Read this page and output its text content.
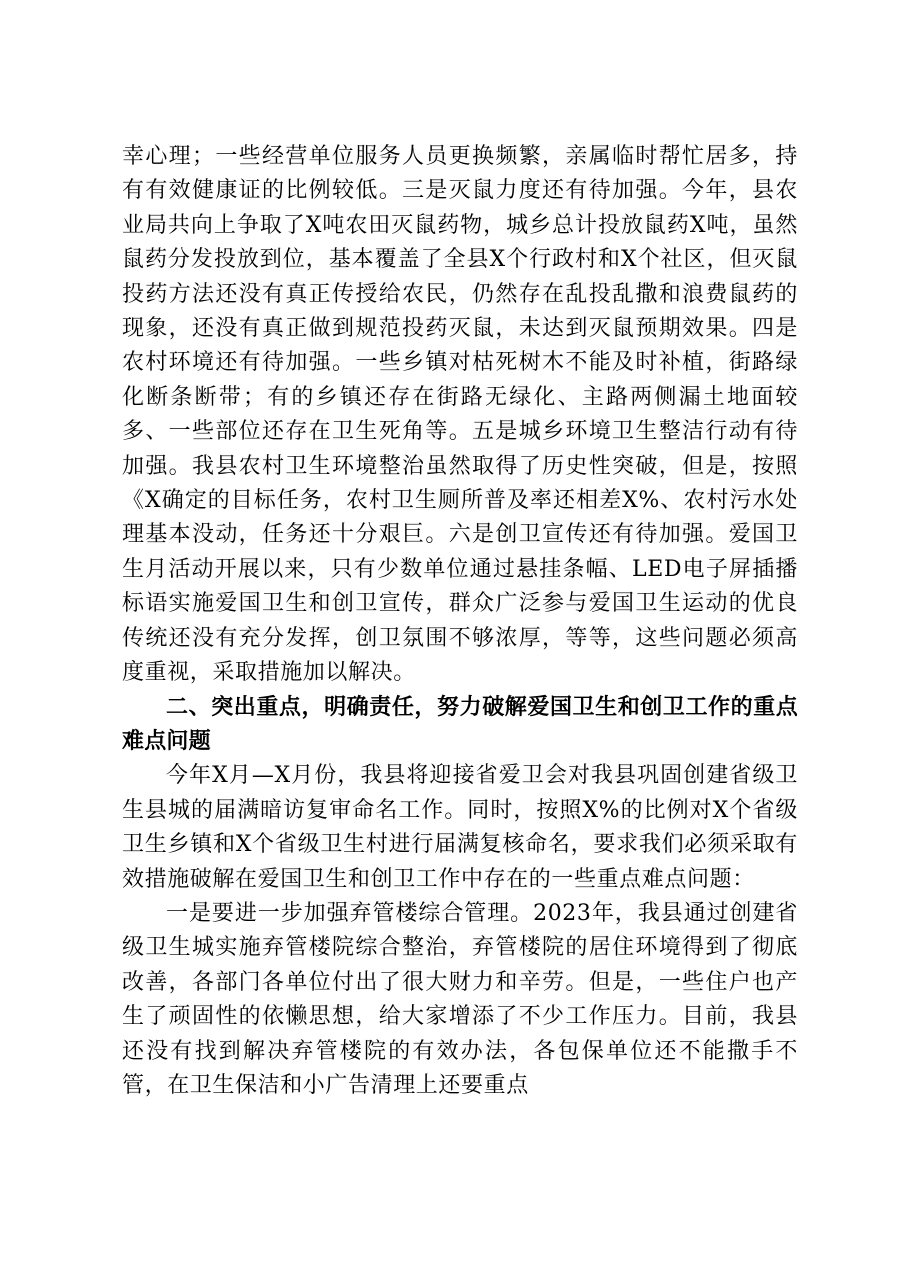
幸心理；一些经营单位服务人员更换频繁，亲属临时帮忙居多，持有有效健康证的比例较低。三是灭鼠力度还有待加强。今年，县农业局共向上争取了X吨农田灭鼠药物，城乡总计投放鼠药X吨，虽然鼠药分发投放到位，基本覆盖了全县X个行政村和X个社区，但灭鼠投药方法还没有真正传授给农民，仍然存在乱投乱撒和浪费鼠药的现象，还没有真正做到规范投药灭鼠，未达到灭鼠预期效果。四是农村环境还有待加强。一些乡镇对枯死树木不能及时补植，街路绿化断条断带；有的乡镇还存在街路无绿化、主路两侧漏土地面较多、一些部位还存在卫生死角等。五是城乡环境卫生整洁行动有待加强。我县农村卫生环境整治虽然取得了历史性突破，但是，按照《X确定的目标任务，农村卫生厕所普及率还相差X%、农村污水处理基本没动，任务还十分艰巨。六是创卫宣传还有待加强。爱国卫生月活动开展以来，只有少数单位通过悬挂条幅、LED电子屏插播标语实施爱国卫生和创卫宣传，群众广泛参与爱国卫生运动的优良传统还没有充分发挥，创卫氛围不够浓厚，等等，这些问题必须高度重视，采取措施加以解决。

二、突出重点，明确责任，努力破解爱国卫生和创卫工作的重点难点问题

今年X月—X月份，我县将迎接省爱卫会对我县巩固创建省级卫生县城的届满暗访复审命名工作。同时，按照X%的比例对X个省级卫生乡镇和X个省级卫生村进行届满复核命名，要求我们必须采取有效措施破解在爱国卫生和创卫工作中存在的一些重点难点问题：

一是要进一步加强弃管楼综合管理。2023年，我县通过创建省级卫生城实施弃管楼院综合整治，弃管楼院的居住环境得到了彻底改善，各部门各单位付出了很大财力和辛劳。但是，一些住户也产生了顽固性的依懒思想，给大家增添了不少工作压力。目前，我县还没有找到解决弃管楼院的有效办法，各包保单位还不能撒手不管，在卫生保洁和小广告清理上还要重点
